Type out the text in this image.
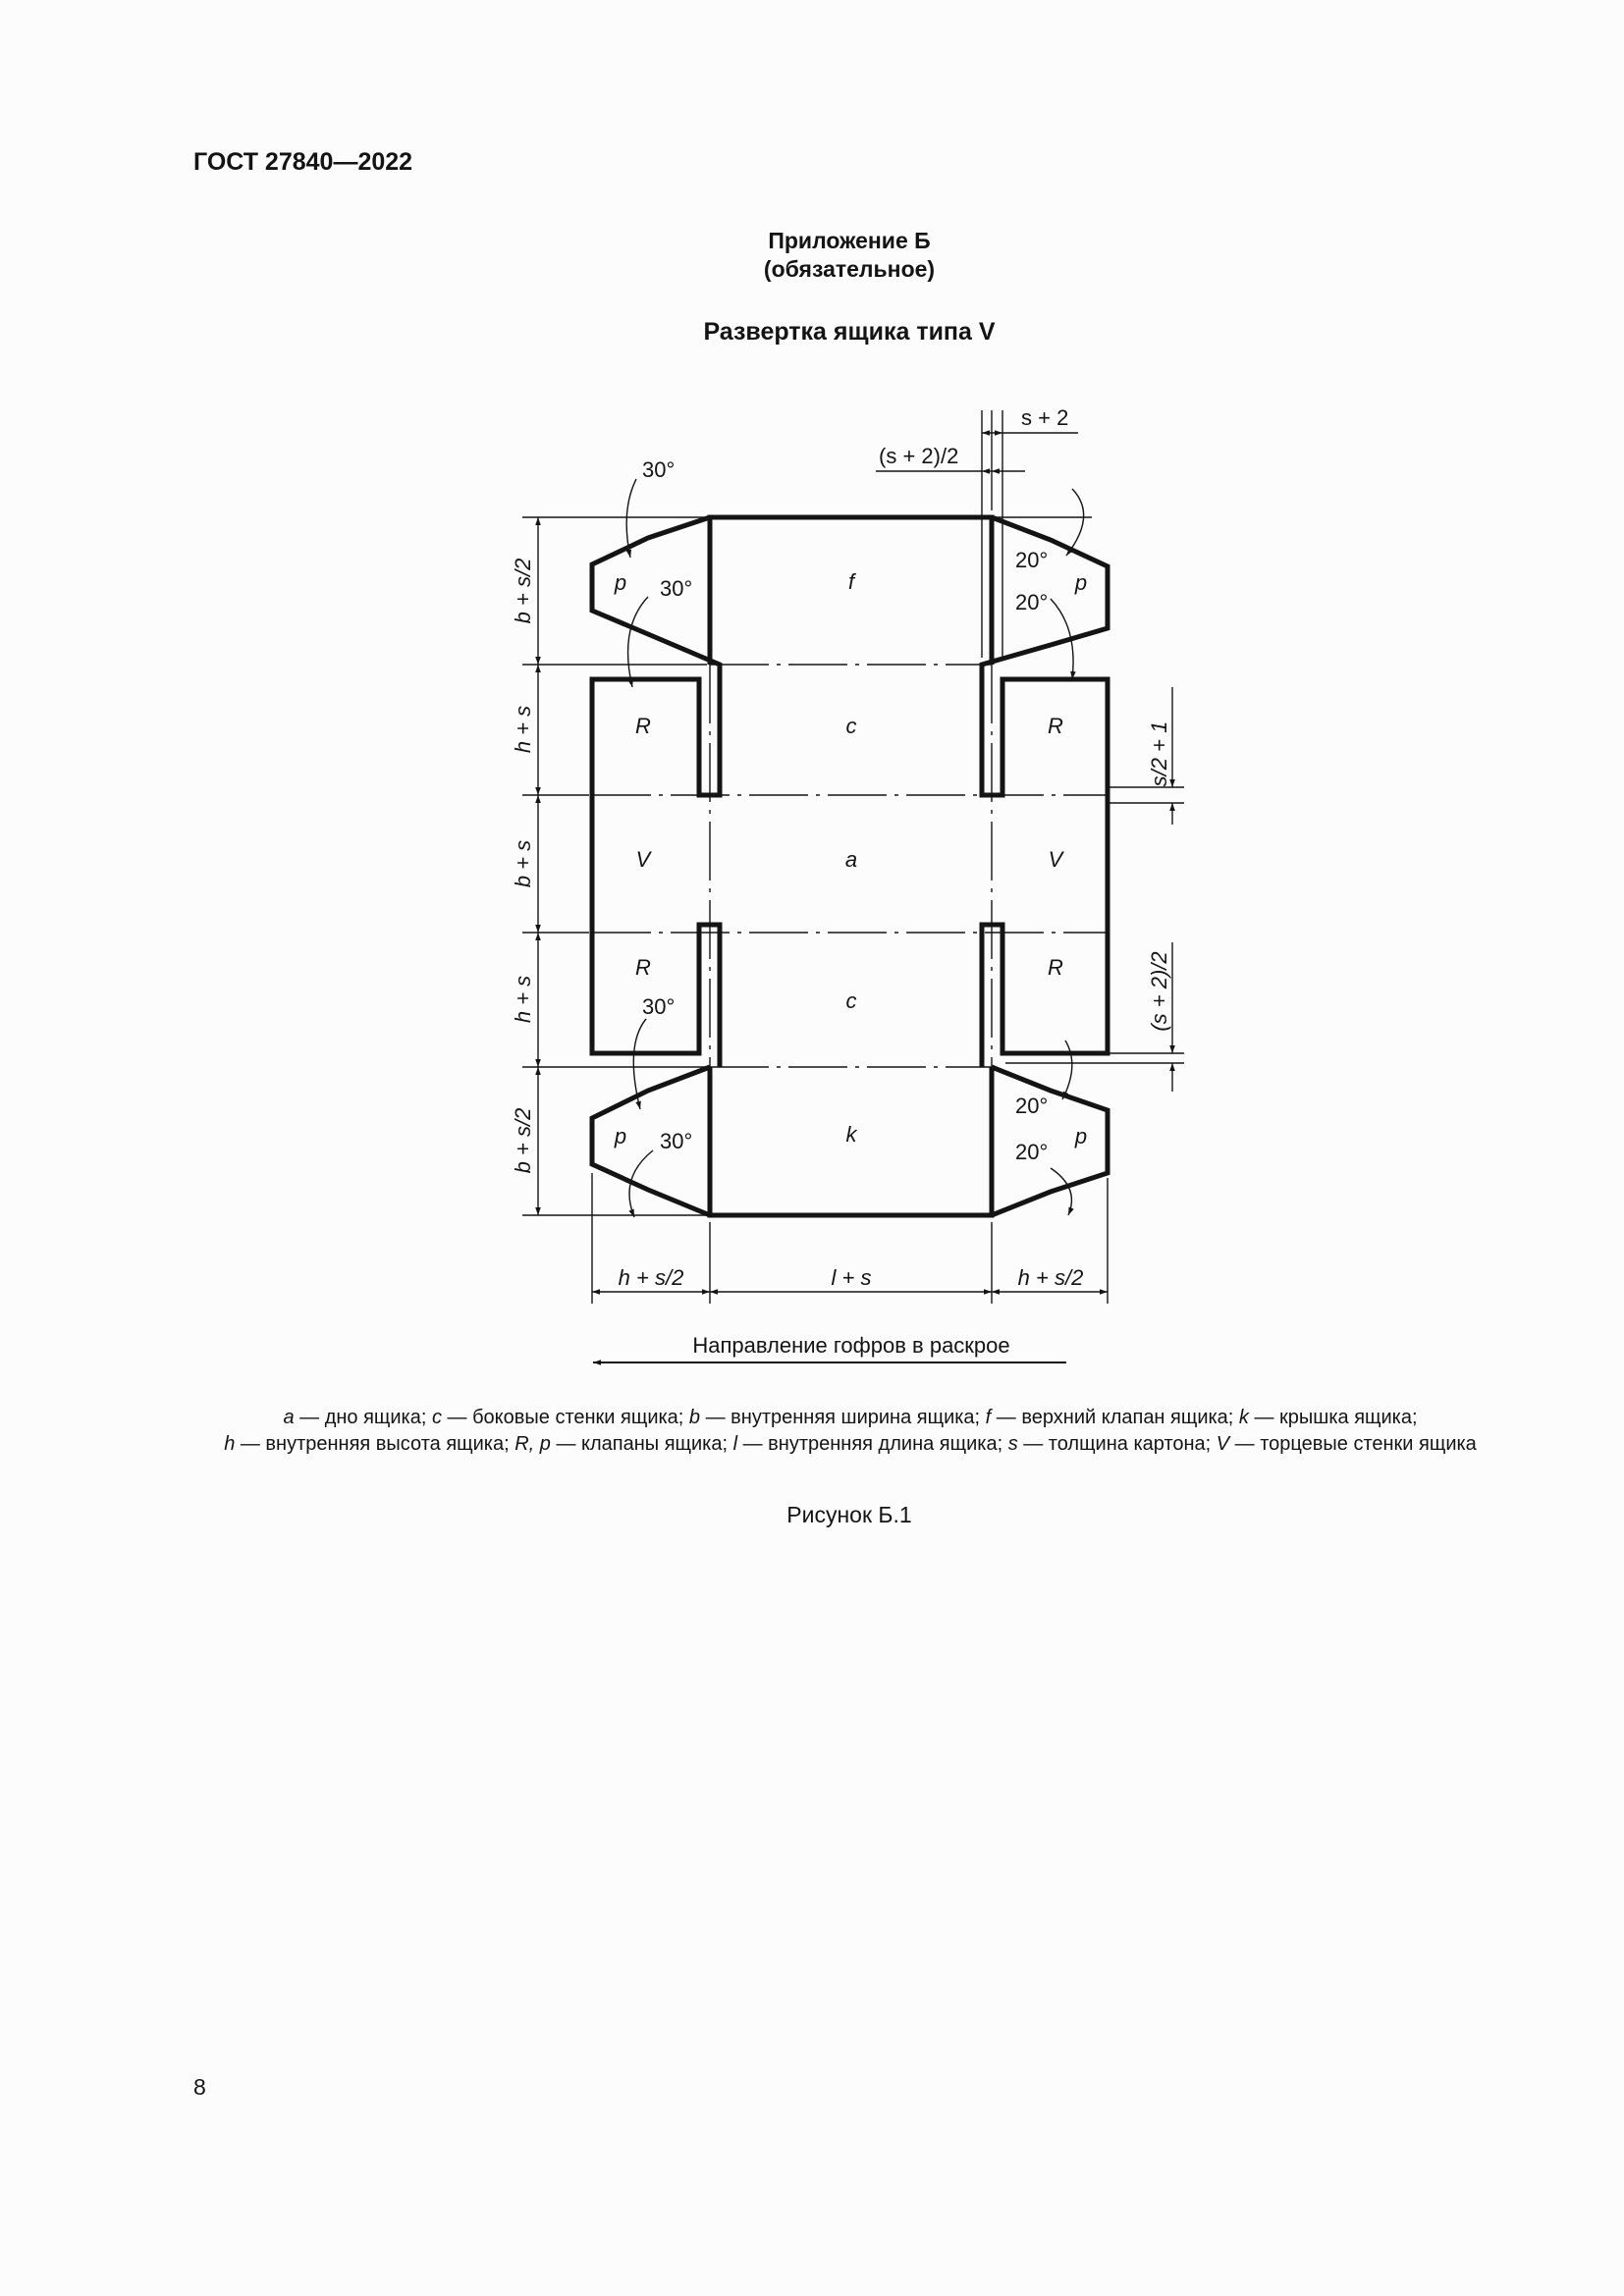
ГОСТ 27840—2022
Приложение Б
(обязательное)
Развертка ящика типа V
f
c
a
c
k
p
R
V
R
p
p
R
V
R
p
30°
30°
30°
30°
20°
20°
20°
20°
s + 2
(s + 2)/2
b + s/2
h + s
b + s
h + s
b + s/2
s/2 + 1
(s + 2)/2
h + s/2	l + s	h + s/2
Направление гофров в раскрое
a — дно ящика; c — боковые стенки ящика; b — внутренняя ширина ящика; f — верхний клапан ящика; k — крышка ящика; h — внутренняя высота ящика; R, p — клапаны ящика; l — внутренняя длина ящика; s — толщина картона; V — торцевые стенки ящика
Рисунок Б.1
8
